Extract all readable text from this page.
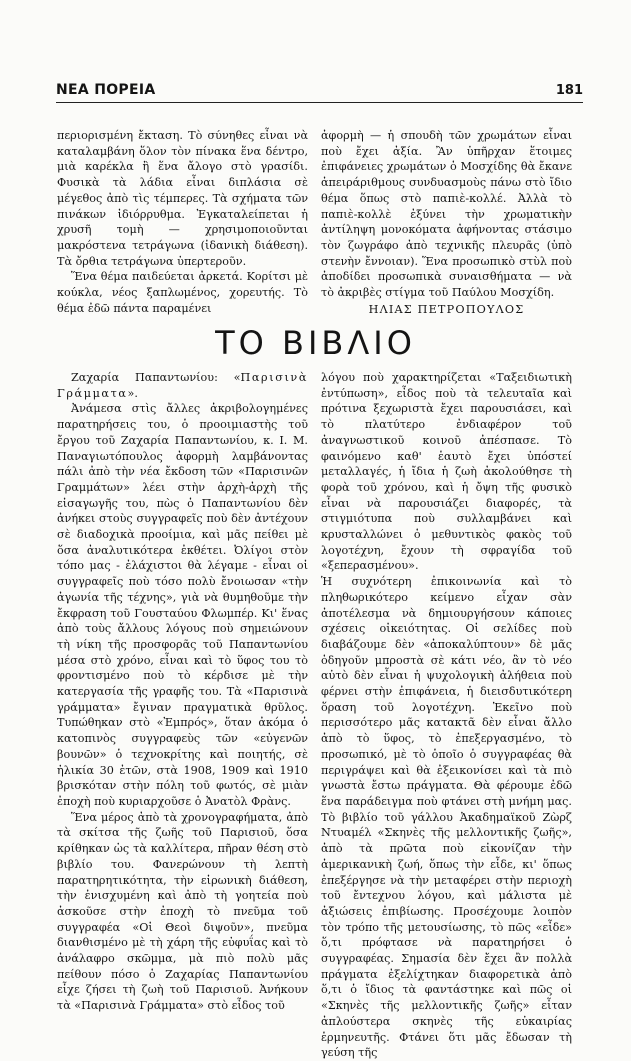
ΝΕΑ ΠΟΡΕΙΑ	181

περιορισμένη ἔκταση. Τὸ σύνηθες εἶναι νὰ καταλαμβάνη ὅλον τὸν πίνακα ἕνα δέντρο, μιὰ καρέκλα ἢ ἕνα ἄλογο στὸ γρασίδι. Φυσικὰ τὰ λάδια εἶναι διπλάσια σὲ μέγεθος ἀπὸ τὶς τέμπερες. Τὰ σχήματα τῶν πινάκων ἰδιόρρυθμα. Ἐγκαταλείπεται ἡ χρυσῆ τομὴ — χρησιμοποιοῦνται μακρόστενα τετράγωνα (ἰδανικὴ διάθεση). Τὰ ὄρθια τετράγωνα ὑπερτεροῦν.

Ἕνα θέμα παιδεύεται ἀρκετά. Κορίτσι μὲ κούκλα, νέος ξαπλωμένος, χορευτής. Τὸ θέμα ἐδῶ πάντα παραμένει

ἀφορμὴ — ἡ σπουδὴ τῶν χρωμάτων εἶναι ποὺ ἔχει ἀξία. Ἂν ὑπῆρχαν ἕτοιμες ἐπιφάνειες χρωμάτων ὁ Μοσχίδης θὰ ἔκανε ἀπειράριθμους συνδυασμοὺς πάνω στὸ ἴδιο θέμα ὅπως στὸ παπιὲ-κολλέ. Ἀλλὰ τὸ παπιὲ-κολλὲ ἐξύνει τὴν χρωματικὴν ἀντίληψη μονοκόματα ἀφήνοντας στάσιμο τὸν ζωγράφο ἀπὸ τεχνικῆς πλευρᾶς (ὑπὸ στενὴν ἔννοιαν). Ἕνα προσωπικὸ στὺλ ποὺ ἀποδίδει προσωπικὰ συναισθήματα — νὰ τὸ ἀκριβὲς στίγμα τοῦ Παύλου Μοσχίδη.

ΗΛΙΑΣ ΠΕΤΡΟΠΟΥΛΟΣ
ΤΟ ΒΙΒΛΙΟ

Ζαχαρία Παπαντωνίου: «Παρισινὰ Γράμματα».

Ἀνάμεσα στὶς ἄλλες ἀκριβολογημένες παρατηρήσεις του, ὁ προοιμιαστὴς τοῦ ἔργου τοῦ Ζαχαρία Παπαντωνίου, κ. Ι. Μ. Παναγιωτόπουλος ἀφορμὴ λαμβάνοντας πάλι ἀπὸ τὴν νέα ἔκδοση τῶν «Παρισινῶν Γραμμάτων» λέει στὴν ἀρχὴ-ἀρχὴ τῆς εἰσαγωγῆς του, πὼς ὁ Παπαντωνίου δὲν ἀνήκει στοὺς συγγραφεῖς ποὺ δὲν ἀντέχουν σὲ διαδοχικὰ προοίμια, καὶ μᾶς πείθει μὲ ὅσα ἀναλυτικότερα ἐκθέτει. Ὀλίγοι στὸν τόπο μας - ἐλάχιστοι θὰ λέγαμε - εἶναι οἱ συγγραφεῖς ποὺ τόσο πολὺ ἔνοιωσαν «τὴν ἀγωνία τῆς τέχνης», γιὰ νὰ θυμηθοῦμε τὴν ἔκφραση τοῦ Γουσταύου Φλωμπέρ. Κι' ἕνας ἀπὸ τοὺς ἄλλους λόγους ποὺ σημειώνουν τὴ νίκη τῆς προσφορᾶς τοῦ Παπαντωνίου μέσα στὸ χρόνο, εἶναι καὶ τὸ ὕφος του τὸ φροντισμένο ποὺ τὸ κέρδισε μὲ τὴν κατεργασία τῆς γραφῆς του. Τὰ «Παρισινὰ γράμματα» ἔγιναν πραγματικὰ θρῦλος. Τυπώθηκαν στὸ «Ἐμπρός», ὅταν ἀκόμα ὁ κατοπινὸς συγγραφεὺς τῶν «εὐγενῶν βουνῶν» ὁ τεχνοκρίτης καὶ ποιητής, σὲ ἡλικία 30 ἐτῶν, στὰ 1908, 1909 καὶ 1910 βρισκόταν στὴν πόλη τοῦ φωτός, σὲ μιὰν ἐποχὴ ποὺ κυριαρχοῦσε ὁ Ἀνατὸλ Φρὰνς.

Ἕνα μέρος ἀπὸ τὰ χρονογραφήματα, ἀπὸ τὰ σκίτσα τῆς ζωῆς τοῦ Παρισιοῦ, ὅσα κρίθηκαν ὡς τὰ καλλίτερα, πῆραν θέση στὸ βιβλίο του. Φανερώνουν τὴ λεπτὴ παρατηρητικότητα, τὴν εἰρωνικὴ διάθεση, τὴν ἐνισχυμένη καὶ ἀπὸ τὴ γοητεία ποὺ ἀσκοῦσε στὴν ἐποχὴ τὸ πνεῦμα τοῦ συγγραφέα «Οἱ Θεοὶ διψοῦν», πνεῦμα διανθισμένο μὲ τὴ χάρη τῆς εὐφυΐας καὶ τὸ ἀνάλαφρο σκῶμμα, μὰ πιὸ πολὺ μᾶς πείθουν πόσο ὁ Ζαχαρίας Παπαντωνίου εἶχε ζήσει τὴ ζωὴ τοῦ Παρισιοῦ. Ἀνήκουν τὰ «Παρισινὰ Γράμματα» στὸ εἶδος τοῦ

λόγου ποὺ χαρακτηρίζεται «Ταξειδιωτικὴ ἐντύπωση», εἶδος ποὺ τὰ τελευταῖα καὶ πρότινα ξεχωριστὰ ἔχει παρουσιάσει, καὶ τὸ πλατύτερο ἐνδιαφέρον τοῦ ἀναγνωστικοῦ κοινοῦ ἀπέσπασε. Τὸ φαινόμενο καθ' ἑαυτὸ ἔχει ὑπόστεί μεταλλαγές, ἡ ἴδια ἡ ζωὴ ἀκολούθησε τὴ φορὰ τοῦ χρόνου, καὶ ἡ ὄψη τῆς φυσικὸ εἶναι νὰ παρουσιάζει διαφορές, τὰ στιγμιότυπα ποὺ συλλαμβάνει καὶ κρυσταλλώνει ὁ μεθυντικὸς φακὸς τοῦ λογοτέχνη, ἔχουν τὴ σφραγίδα τοῦ «ξεπερασμένου».

Ἡ συχνότερη ἐπικοινωνία καὶ τὸ πληθωρικότερο κείμενο εἶχαν σὰν ἀποτέλεσμα νὰ δημιουργήσουν κάποιες σχέσεις οἰκειότητας. Οἱ σελίδες ποὺ διαβάζουμε δὲν «ἀποκαλύπτουν» δὲ μᾶς ὁδηγοῦν μπροστὰ σὲ κάτι νέο, ἂν τὸ νέο αὐτὸ δὲν εἶναι ἡ ψυχολογικὴ ἀλήθεια ποὺ φέρνει στὴν ἐπιφάνεια, ἡ διεισδυτικότερη ὅραση τοῦ λογοτέχνη. Ἐκεῖνο ποὺ περισσότερο μᾶς κατακτᾶ δὲν εἶναι ἄλλο ἀπὸ τὸ ὕφος, τὸ ἐπεξεργασμένο, τὸ προσωπικό, μὲ τὸ ὁποῖο ὁ συγγραφέας θὰ περιγράψει καὶ θὰ ἐξεικονίσει καὶ τὰ πιὸ γνωστὰ ἔστω πράγματα. Θὰ φέρουμε ἐδῶ ἕνα παράδειγμα ποὺ φτάνει στὴ μνήμη μας. Τὸ βιβλίο τοῦ γάλλου Ἀκαδημαϊκοῦ Ζὼρζ Ντυαμέλ «Σκηνὲς τῆς μελλοντικῆς ζωῆς», ἀπὸ τὰ πρῶτα ποὺ εἰκονίζαν τὴν ἀμερικανικὴ ζωή, ὅπως τὴν εἶδε, κι' ὅπως ἐπεξέργησε νὰ τὴν μεταφέρει στὴν περιοχὴ τοῦ ἔντεχνου λόγου, καὶ μάλιστα μὲ ἀξιώσεις ἐπιβίωσης. Προσέχουμε λοιπὸν τὸν τρόπο τῆς μετουσίωσης, τὸ πῶς «εἶδε» ὅ,τι πρόφτασε νὰ παρατηρήσει ὁ συγγραφέας. Σημασία δὲν ἔχει ἂν πολλὰ πράγματα ἐξελίχτηκαν διαφορετικὰ ἀπὸ ὅ,τι ὁ ἴδιος τὰ φαντάστηκε καὶ πῶς οἱ «Σκηνὲς τῆς μελλοντικῆς ζωῆς» εἶταν ἀπλούστερα σκηνὲς τῆς εὐκαιρίας ἑρμηνευτῆς. Φτάνει ὅτι μᾶς ἔδωσαν τὴ γεύση τῆς
